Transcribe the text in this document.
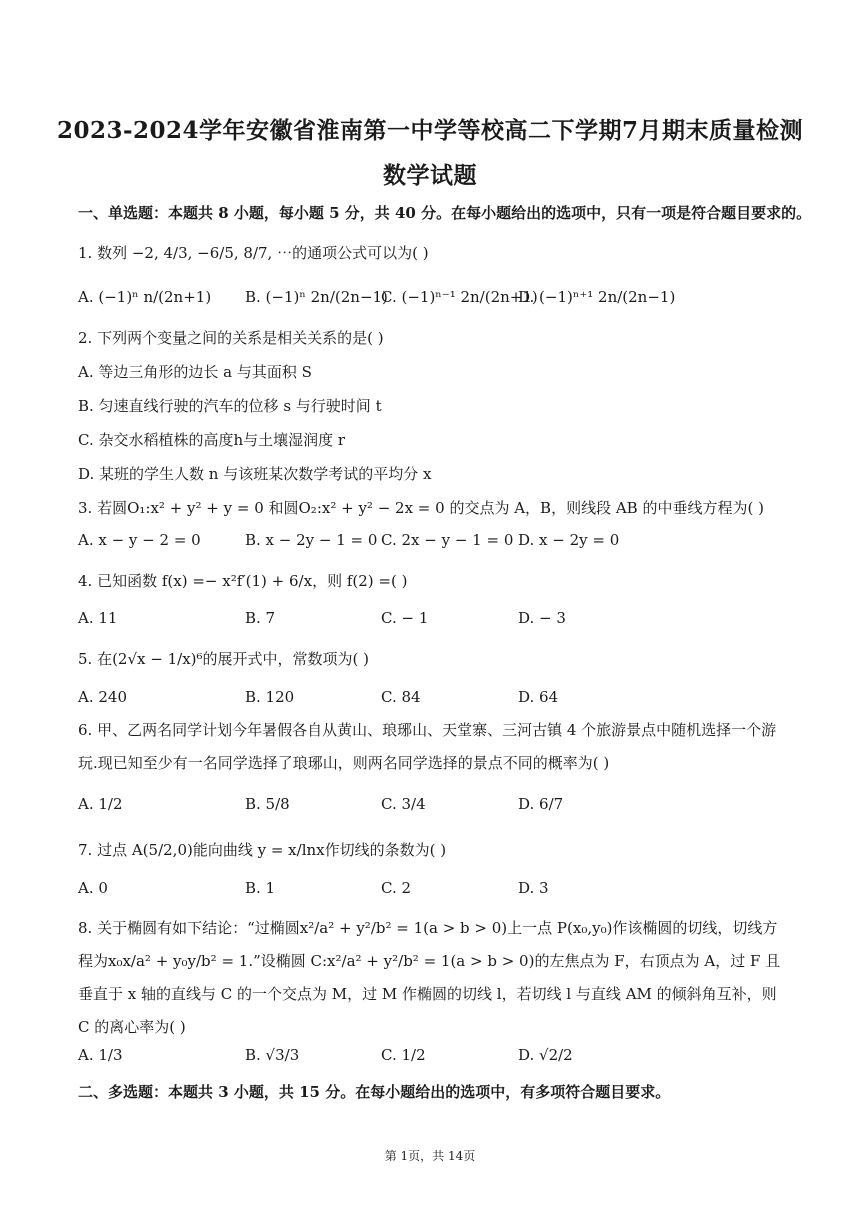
2023-2024学年安徽省淮南第一中学等校高二下学期7月期末质量检测
数学试题
一、单选题：本题共 8 小题，每小题 5 分，共 40 分。在每小题给出的选项中，只有一项是符合题目要求的。
1. 数列 −2, 4/3, −6/5, 8/7, ⋯的通项公式可以为( )
A. (−1)ⁿ n/(2n+1) B. (−1)ⁿ 2n/(2n−1)
C. (−1)ⁿ⁻¹ 2n/(2n+1)
D. (−1)ⁿ⁺¹ 2n/(2n−1)
2. 下列两个变量之间的关系是相关关系的是( )
A. 等边三角形的边长 a 与其面积 S
B. 匀速直线行驶的汽车的位移 s 与行驶时间 t
C. 杂交水稻植株的高度h与土壤湿润度 r
D. 某班的学生人数 n 与该班某次数学考试的平均分 x
3. 若圆O₁:x² + y² + y = 0 和圆O₂:x² + y² − 2x = 0 的交点为 A，B，则线段 AB 的中垂线方程为( )
A. x − y − 2 = 0	B. x − 2y − 1 = 0 C. 2x − y − 1 = 0 D. x − 2y = 0
4. 已知函数 f(x) =− x²f′(1) + 6/x，则 f(2) =( )
A. 11	B. 7	C. − 1	D. − 3
5. 在(2√x − 1/x)⁶的展开式中，常数项为( )
A. 240	B. 120	C. 84	D. 64
6. 甲、乙两名同学计划今年暑假各自从黄山、琅琊山、天堂寨、三河古镇 4 个旅游景点中随机选择一个游玩.现已知至少有一名同学选择了琅琊山，则两名同学选择的景点不同的概率为( )
A. 1/2	B. 5/8	C. 3/4	D. 6/7
7. 过点 A(5/2,0)能向曲线 y = x/lnx作切线的条数为( )
A. 0	B. 1	C. 2	D. 3
8. 关于椭圆有如下结论：“过椭圆x²/a² + y²/b² = 1(a > b > 0)上一点 P(x₀,y₀)作该椭圆的切线，切线方程为x₀x/a² + y₀y/b² = 1.”设椭圆 C:x²/a² + y²/b² = 1(a > b > 0)的左焦点为 F，右顶点为 A，过 F 且垂直于 x 轴的直线与 C 的一个交点为 M，过 M 作椭圆的切线 l，若切线 l 与直线 AM 的倾斜角互补，则 C 的离心率为( )
A. 1/3	B. √3/3	C. 1/2	D. √2/2
二、多选题：本题共 3 小题，共 15 分。在每小题给出的选项中，有多项符合题目要求。
第 1页，共 14页
